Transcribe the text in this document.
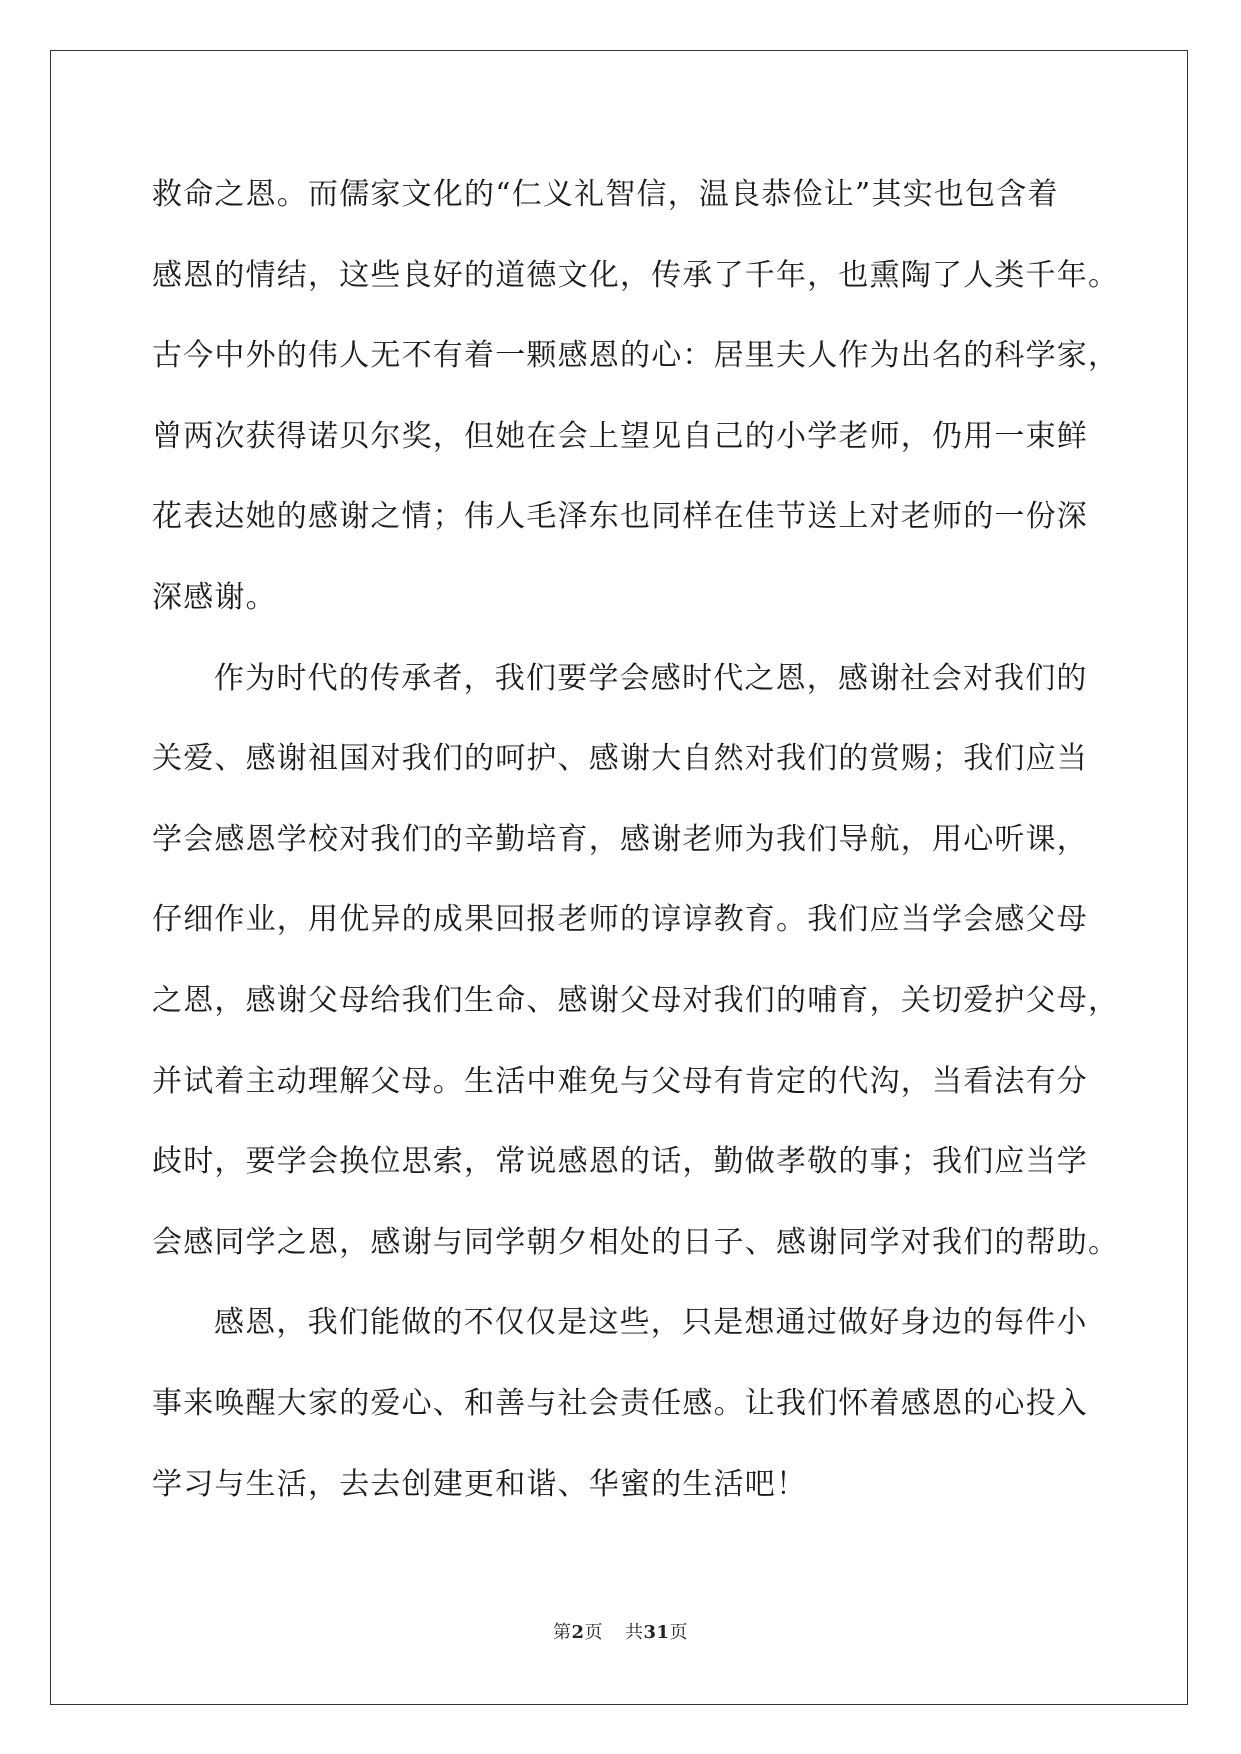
救命之恩。而儒家文化的“仁义礼智信，温良恭俭让”其实也包含着
感恩的情结，这些良好的道德文化，传承了千年，也熏陶了人类千年。
古今中外的伟人无不有着一颗感恩的心：居里夫人作为出名的科学家，
曾两次获得诺贝尔奖，但她在会上望见自己的小学老师，仍用一束鲜
花表达她的感谢之情；伟人毛泽东也同样在佳节送上对老师的一份深
深感谢。
作为时代的传承者，我们要学会感时代之恩，感谢社会对我们的
关爱、感谢祖国对我们的呵护、感谢大自然对我们的赏赐；我们应当
学会感恩学校对我们的辛勤培育，感谢老师为我们导航，用心听课，
仔细作业，用优异的成果回报老师的谆谆教育。我们应当学会感父母
之恩，感谢父母给我们生命、感谢父母对我们的哺育，关切爱护父母，
并试着主动理解父母。生活中难免与父母有肯定的代沟，当看法有分
歧时，要学会换位思索，常说感恩的话，勤做孝敬的事；我们应当学
会感同学之恩，感谢与同学朝夕相处的日子、感谢同学对我们的帮助。
感恩，我们能做的不仅仅是这些，只是想通过做好身边的每件小
事来唤醒大家的爱心、和善与社会责任感。让我们怀着感恩的心投入
学习与生活，去去创建更和谐、华蜜的生活吧！
第2页 共31页
